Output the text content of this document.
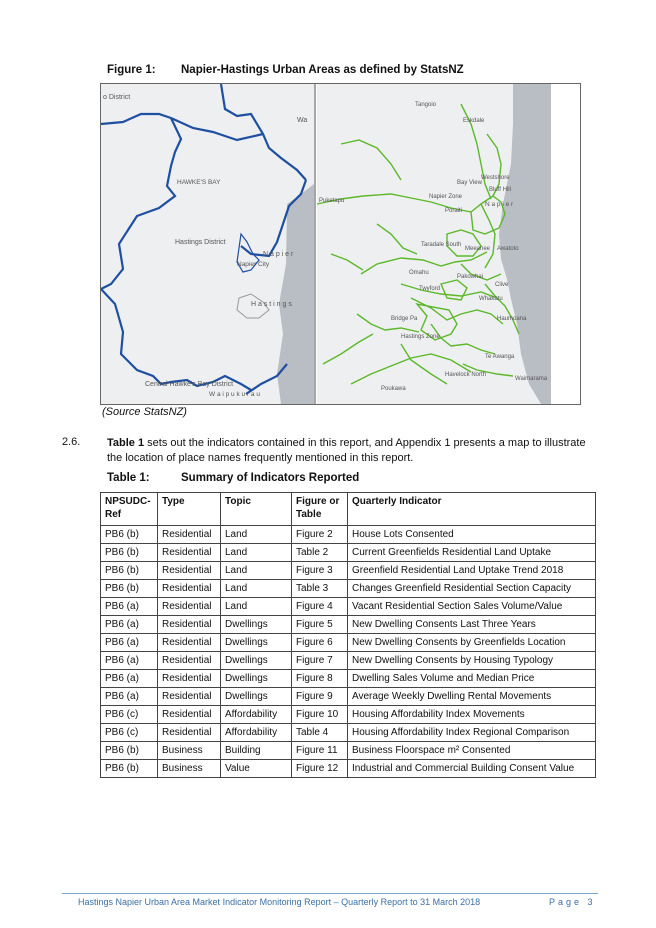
Figure 1: Napier-Hastings Urban Areas as defined by StatsNZ
o District
Wa
HAWKE'S BAY
Hastings District
Napier City
N a p i e r
H a s t i n g s
Central Hawke's Bay District
W a i p u k u r a u
Tangoio
Eskdale
Westshore
Bay View
Bluff Hill
N a p i e r
Puketapu
Napier Zone
Poraiti
Taradale South
Meeanee Awatoto
Omahu
Pakowhai
Twyford
Clive
Whakatu
Haumoana
Bridge Pa
Hastings Zone
Havelock North
Te Awanga
Waimarama
Poukawa
(Source StatsNZ)
2.6. Table 1 sets out the indicators contained in this report, and Appendix 1 presents a map to illustrate the location of place names frequently mentioned in this report.
Table 1:	Summary of Indicators Reported
NPSUDC-Ref	Type	Topic	Figure or Table	Quarterly Indicator
PB6 (b)	Residential	Land	Figure 2	House Lots Consented
PB6 (b)	Residential	Land	Table 2	Current Greenfields Residential Land Uptake
PB6 (b)	Residential	Land	Figure 3	Greenfield Residential Land Uptake Trend 2018
PB6 (b)	Residential	Land	Table 3	Changes Greenfield Residential Section Capacity
PB6 (a)	Residential	Land	Figure 4	Vacant Residential Section Sales Volume/Value
PB6 (a)	Residential	Dwellings	Figure 5	New Dwelling Consents Last Three Years
PB6 (a)	Residential	Dwellings	Figure 6	New Dwelling Consents by Greenfields Location
PB6 (a)	Residential	Dwellings	Figure 7	New Dwelling Consents by Housing Typology
PB6 (a)	Residential	Dwellings	Figure 8	Dwelling Sales Volume and Median Price
PB6 (a)	Residential	Dwellings	Figure 9	Average Weekly Dwelling Rental Movements
PB6 (c)	Residential	Affordability	Figure 10	Housing Affordability Index Movements
PB6 (c)	Residential	Affordability	Table 4	Housing Affordability Index Regional Comparison
PB6 (b)	Business	Building	Figure 11	Business Floorspace m² Consented
PB6 (b)	Business	Value	Figure 12	Industrial and Commercial Building Consent Value
Hastings Napier Urban Area Market Indicator Monitoring Report – Quarterly Report to 31 March 2018	Page 3
